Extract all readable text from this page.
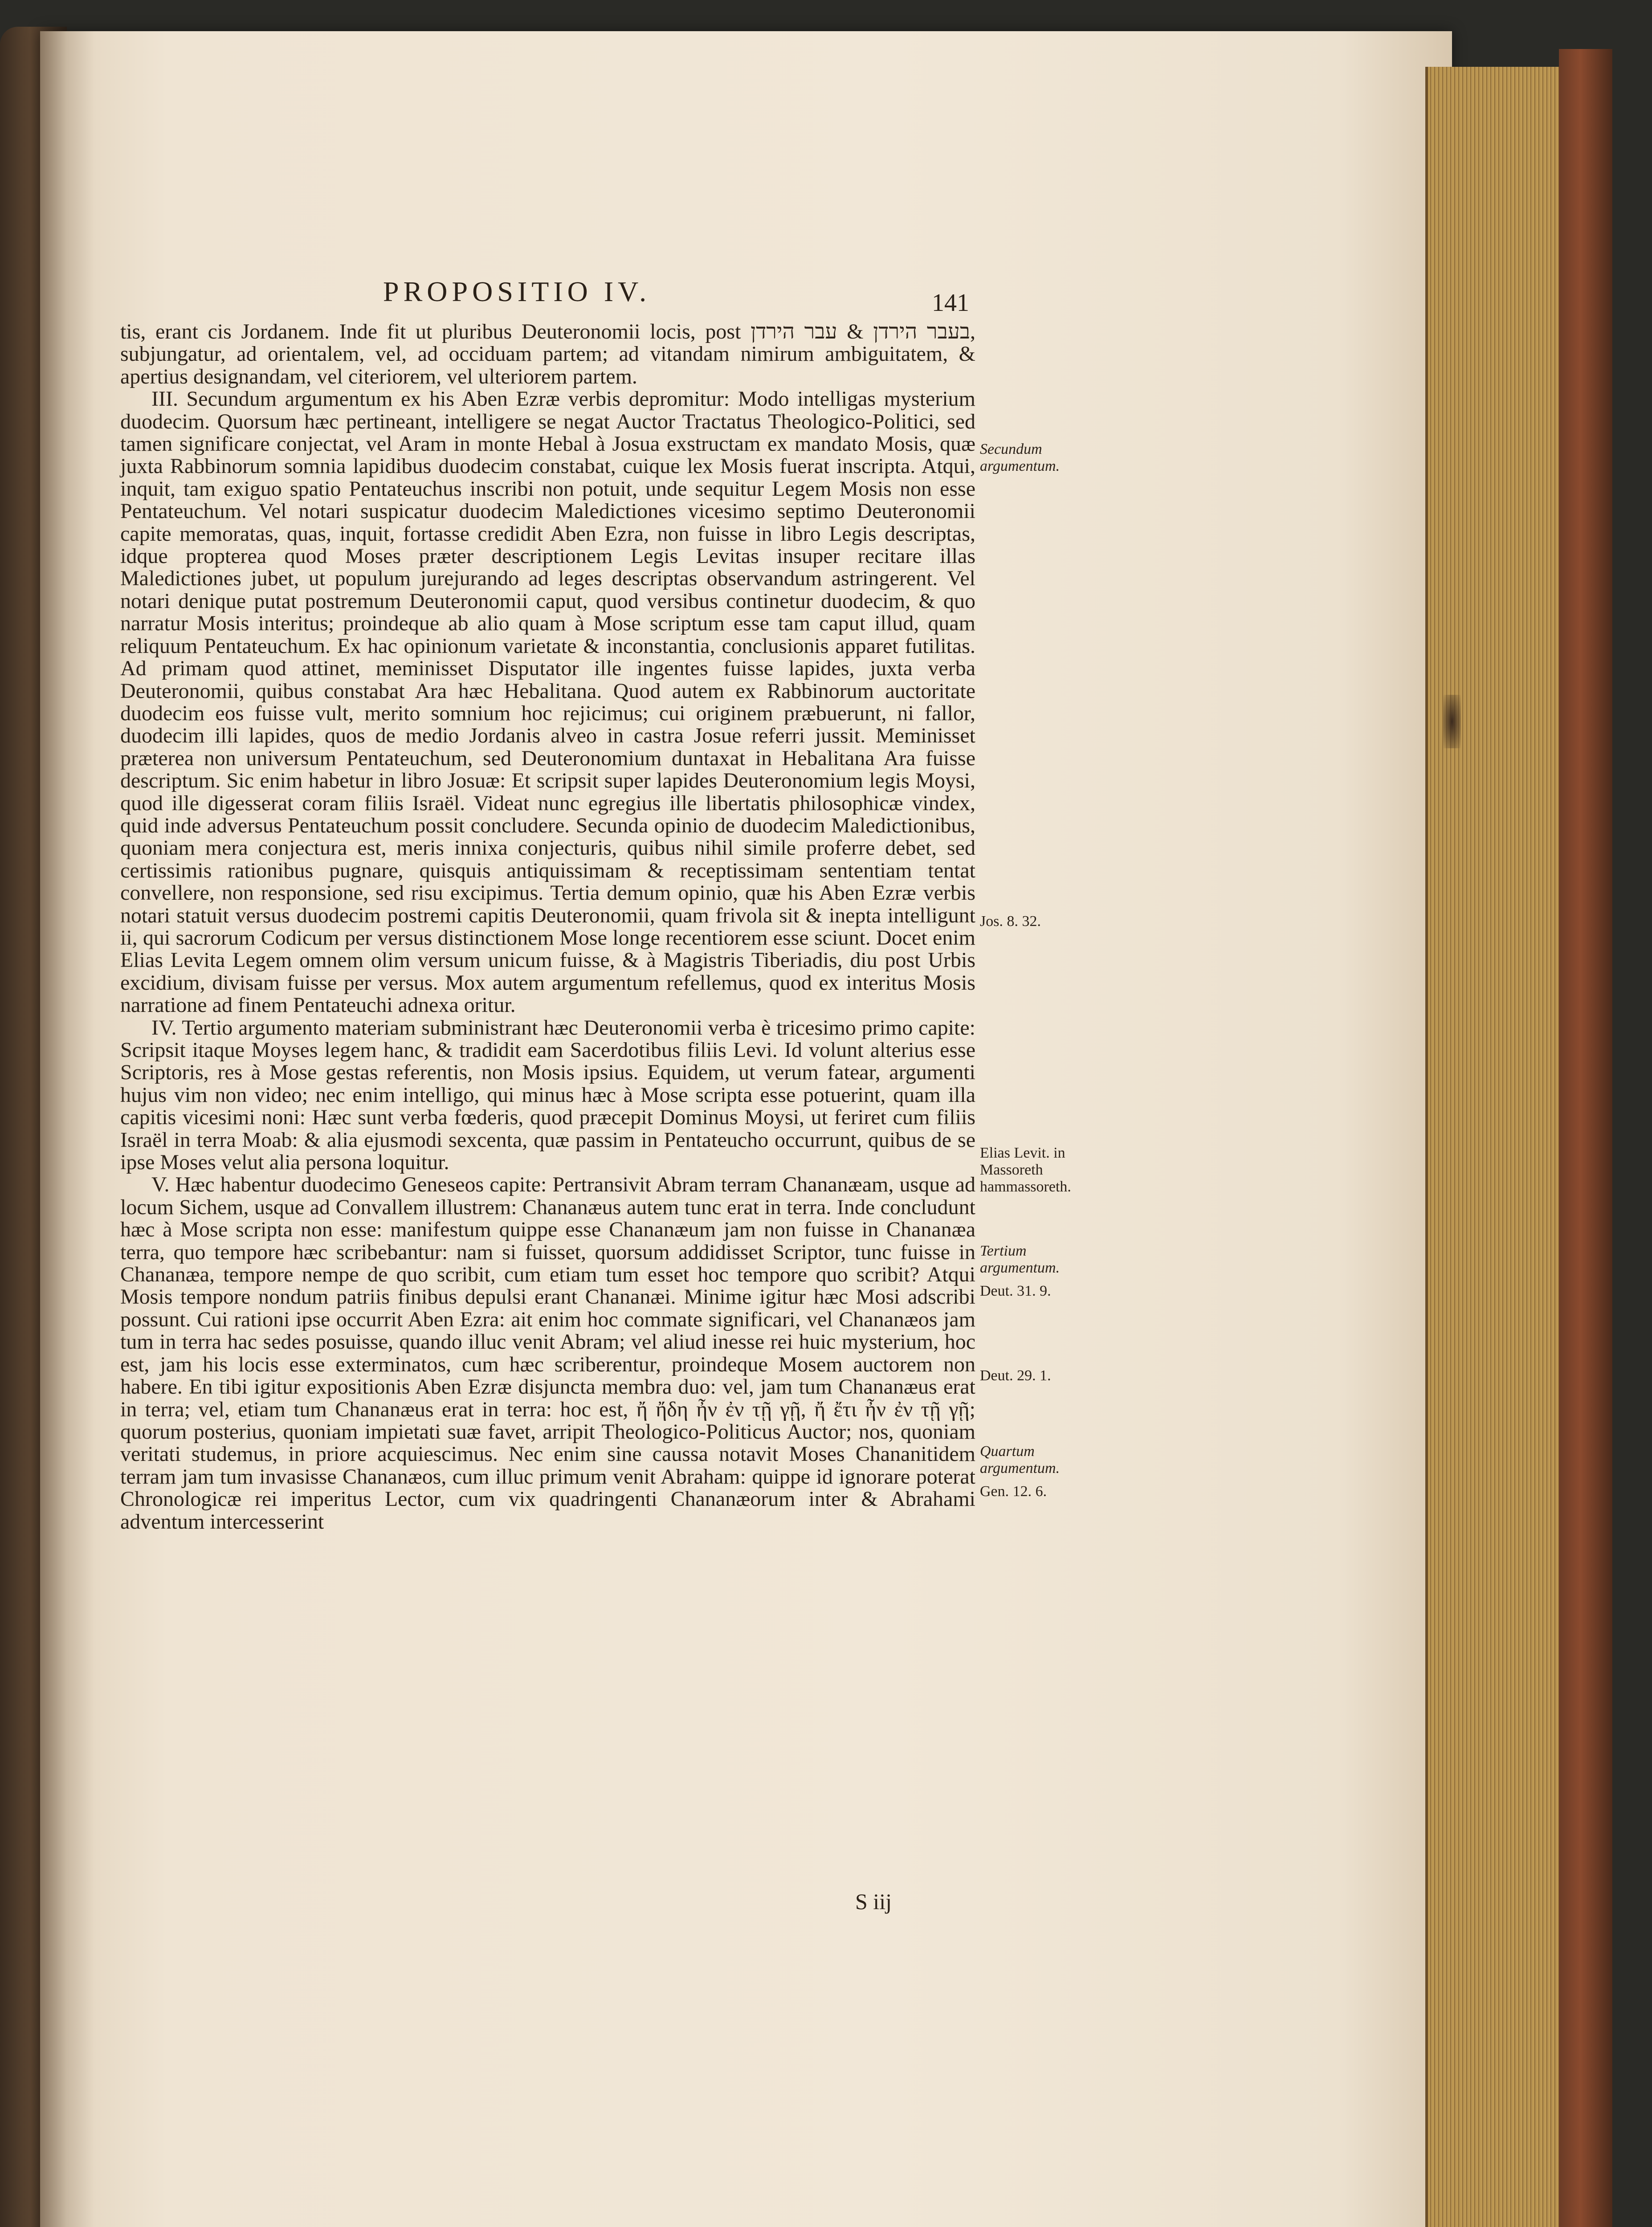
PROPOSITIO IV.	141

tis, erant cis Jordanem. Inde fit ut pluribus Deuteronomii locis, post בעבר הירדן & עבר הירדן, subjungatur, ad orientalem, vel, ad occiduam partem; ad vitandam nimirum ambiguitatem, & apertius designandam, vel citeriorem, vel ulteriorem partem.

III. Secundum argumentum ex his Aben Ezræ verbis depromitur: Modo intelligas mysterium duodecim. Quorsum hæc pertineant, intelligere se negat Auctor Tractatus Theologico-Politici, sed tamen significare conjectat, vel Aram in monte Hebal à Josua exstructam ex mandato Mosis, quæ juxta Rabbinorum somnia lapidibus duodecim constabat, cuique lex Mosis fuerat inscripta. Atqui, inquit, tam exiguo spatio Pentateuchus inscribi non potuit, unde sequitur Legem Mosis non esse Pentateuchum. Vel notari suspicatur duodecim Maledictiones vicesimo septimo Deuteronomii capite memoratas, quas, inquit, fortasse credidit Aben Ezra, non fuisse in libro Legis descriptas, idque propterea quod Moses præter descriptionem Legis Levitas insuper recitare illas Maledictiones jubet, ut populum jurejurando ad leges descriptas observandum astringerent. Vel notari denique putat postremum Deuteronomii caput, quod versibus continetur duodecim, & quo narratur Mosis interitus; proindeque ab alio quam à Mose scriptum esse tam caput illud, quam reliquum Pentateuchum. Ex hac opinionum varietate & inconstantia, conclusionis apparet futilitas. Ad primam quod attinet, meminisset Disputator ille ingentes fuisse lapides, juxta verba Deuteronomii, quibus constabat Ara hæc Hebalitana. Quod autem ex Rabbinorum auctoritate duodecim eos fuisse vult, merito somnium hoc rejicimus; cui originem præbuerunt, ni fallor, duodecim illi lapides, quos de medio Jordanis alveo in castra Josue referri jussit. Meminisset præterea non universum Pentateuchum, sed Deuteronomium duntaxat in Hebalitana Ara fuisse descriptum. Sic enim habetur in libro Josuæ: Et scripsit super lapides Deuteronomium legis Moysi, quod ille digesserat coram filiis Israël. Videat nunc egregius ille libertatis philosophicæ vindex, quid inde adversus Pentateuchum possit concludere. Secunda opinio de duodecim Maledictionibus, quoniam mera conjectura est, meris innixa conjecturis, quibus nihil simile proferre debet, sed certissimis rationibus pugnare, quisquis antiquissimam & receptissimam sententiam tentat convellere, non responsione, sed risu excipimus. Tertia demum opinio, quæ his Aben Ezræ verbis notari statuit versus duodecim postremi capitis Deuteronomii, quam frivola sit & inepta intelligunt ii, qui sacrorum Codicum per versus distinctionem Mose longe recentiorem esse sciunt. Docet enim Elias Levita Legem omnem olim versum unicum fuisse, & à Magistris Tiberiadis, diu post Urbis excidium, divisam fuisse per versus. Mox autem argumentum refellemus, quod ex interitus Mosis narratione ad finem Pentateuchi adnexa oritur.

IV. Tertio argumento materiam subministrant hæc Deuteronomii verba è tricesimo primo capite: Scripsit itaque Moyses legem hanc, & tradidit eam Sacerdotibus filiis Levi. Id volunt alterius esse Scriptoris, res à Mose gestas referentis, non Mosis ipsius. Equidem, ut verum fatear, argumenti hujus vim non video; nec enim intelligo, qui minus hæc à Mose scripta esse potuerint, quam illa capitis vicesimi noni: Hæc sunt verba fœderis, quod præcepit Dominus Moysi, ut feriret cum filiis Israël in terra Moab: & alia ejusmodi sexcenta, quæ passim in Pentateucho occurrunt, quibus de se ipse Moses velut alia persona loquitur.

V. Hæc habentur duodecimo Geneseos capite: Pertransivit Abram terram Chananæam, usque ad locum Sichem, usque ad Convallem illustrem: Chananæus autem tunc erat in terra. Inde concludunt hæc à Mose scripta non esse: manifestum quippe esse Chananæum jam non fuisse in Chananæa terra, quo tempore hæc scribebantur: nam si fuisset, quorsum addidisset Scriptor, tunc fuisse in Chananæa, tempore nempe de quo scribit, cum etiam tum esset hoc tempore quo scribit? Atqui Mosis tempore nondum patriis finibus depulsi erant Chananæi. Minime igitur hæc Mosi adscribi possunt. Cui rationi ipse occurrit Aben Ezra: ait enim hoc commate significari, vel Chananæos jam tum in terra hac sedes posuisse, quando illuc venit Abram; vel aliud inesse rei huic mysterium, hoc est, jam his locis esse exterminatos, cum hæc scriberentur, proindeque Mosem auctorem non habere. En tibi igitur expositionis Aben Ezræ disjuncta membra duo: vel, jam tum Chananæus erat in terra; vel, etiam tum Chananæus erat in terra: hoc est, ἤ ἤδη ἦν ἐν τῇ γῇ, ἤ ἔτι ἦν ἐν τῇ γῇ; quorum posterius, quoniam impietati suæ favet, arripit Theologico-Politicus Auctor; nos, quoniam veritati studemus, in priore acquiescimus. Nec enim sine caussa notavit Moses Chananitidem terram jam tum invasisse Chananæos, cum illuc primum venit Abraham: quippe id ignorare poterat Chronologicæ rei imperitus Lector, cum vix quadringenti Chananæorum inter & Abrahami adventum intercesserint

Secundum argumentum.
Jos. 8. 32.
Elias Levit. in Massoreth hammassoreth.
Tertium argumentum.
Deut. 31. 9.
Deut. 29. 1.
Quartum argumentum.
Gen. 12. 6.
S iij
